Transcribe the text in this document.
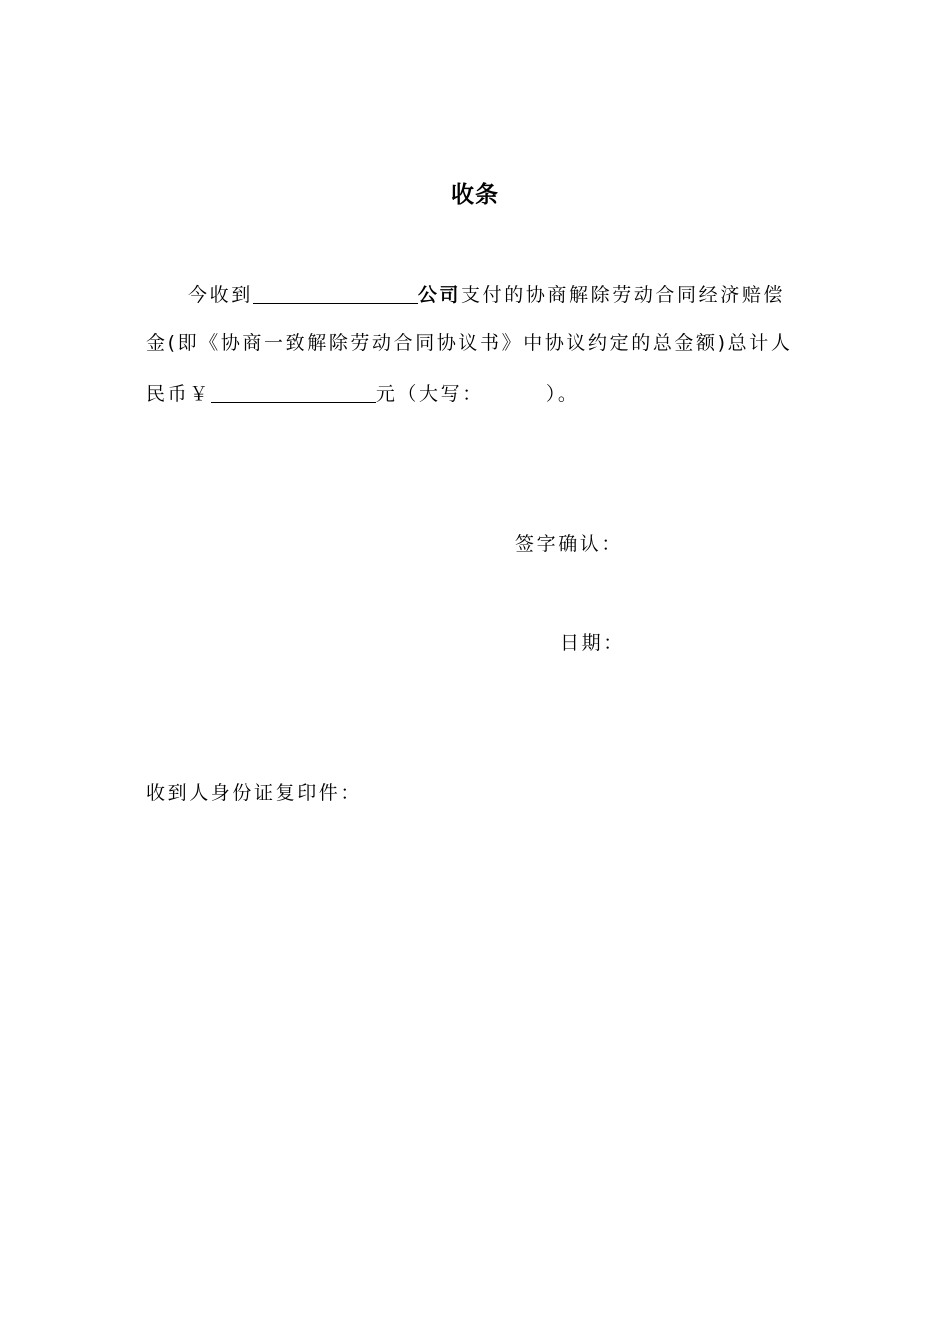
收条
今收到	公司支付的协商解除劳动合同经济赔偿
金(即《协商一致解除劳动合同协议书》中协议约定的总金额)总计人
民币￥	元（大写：	）。
签字确认：
日期：
收到人身份证复印件：
